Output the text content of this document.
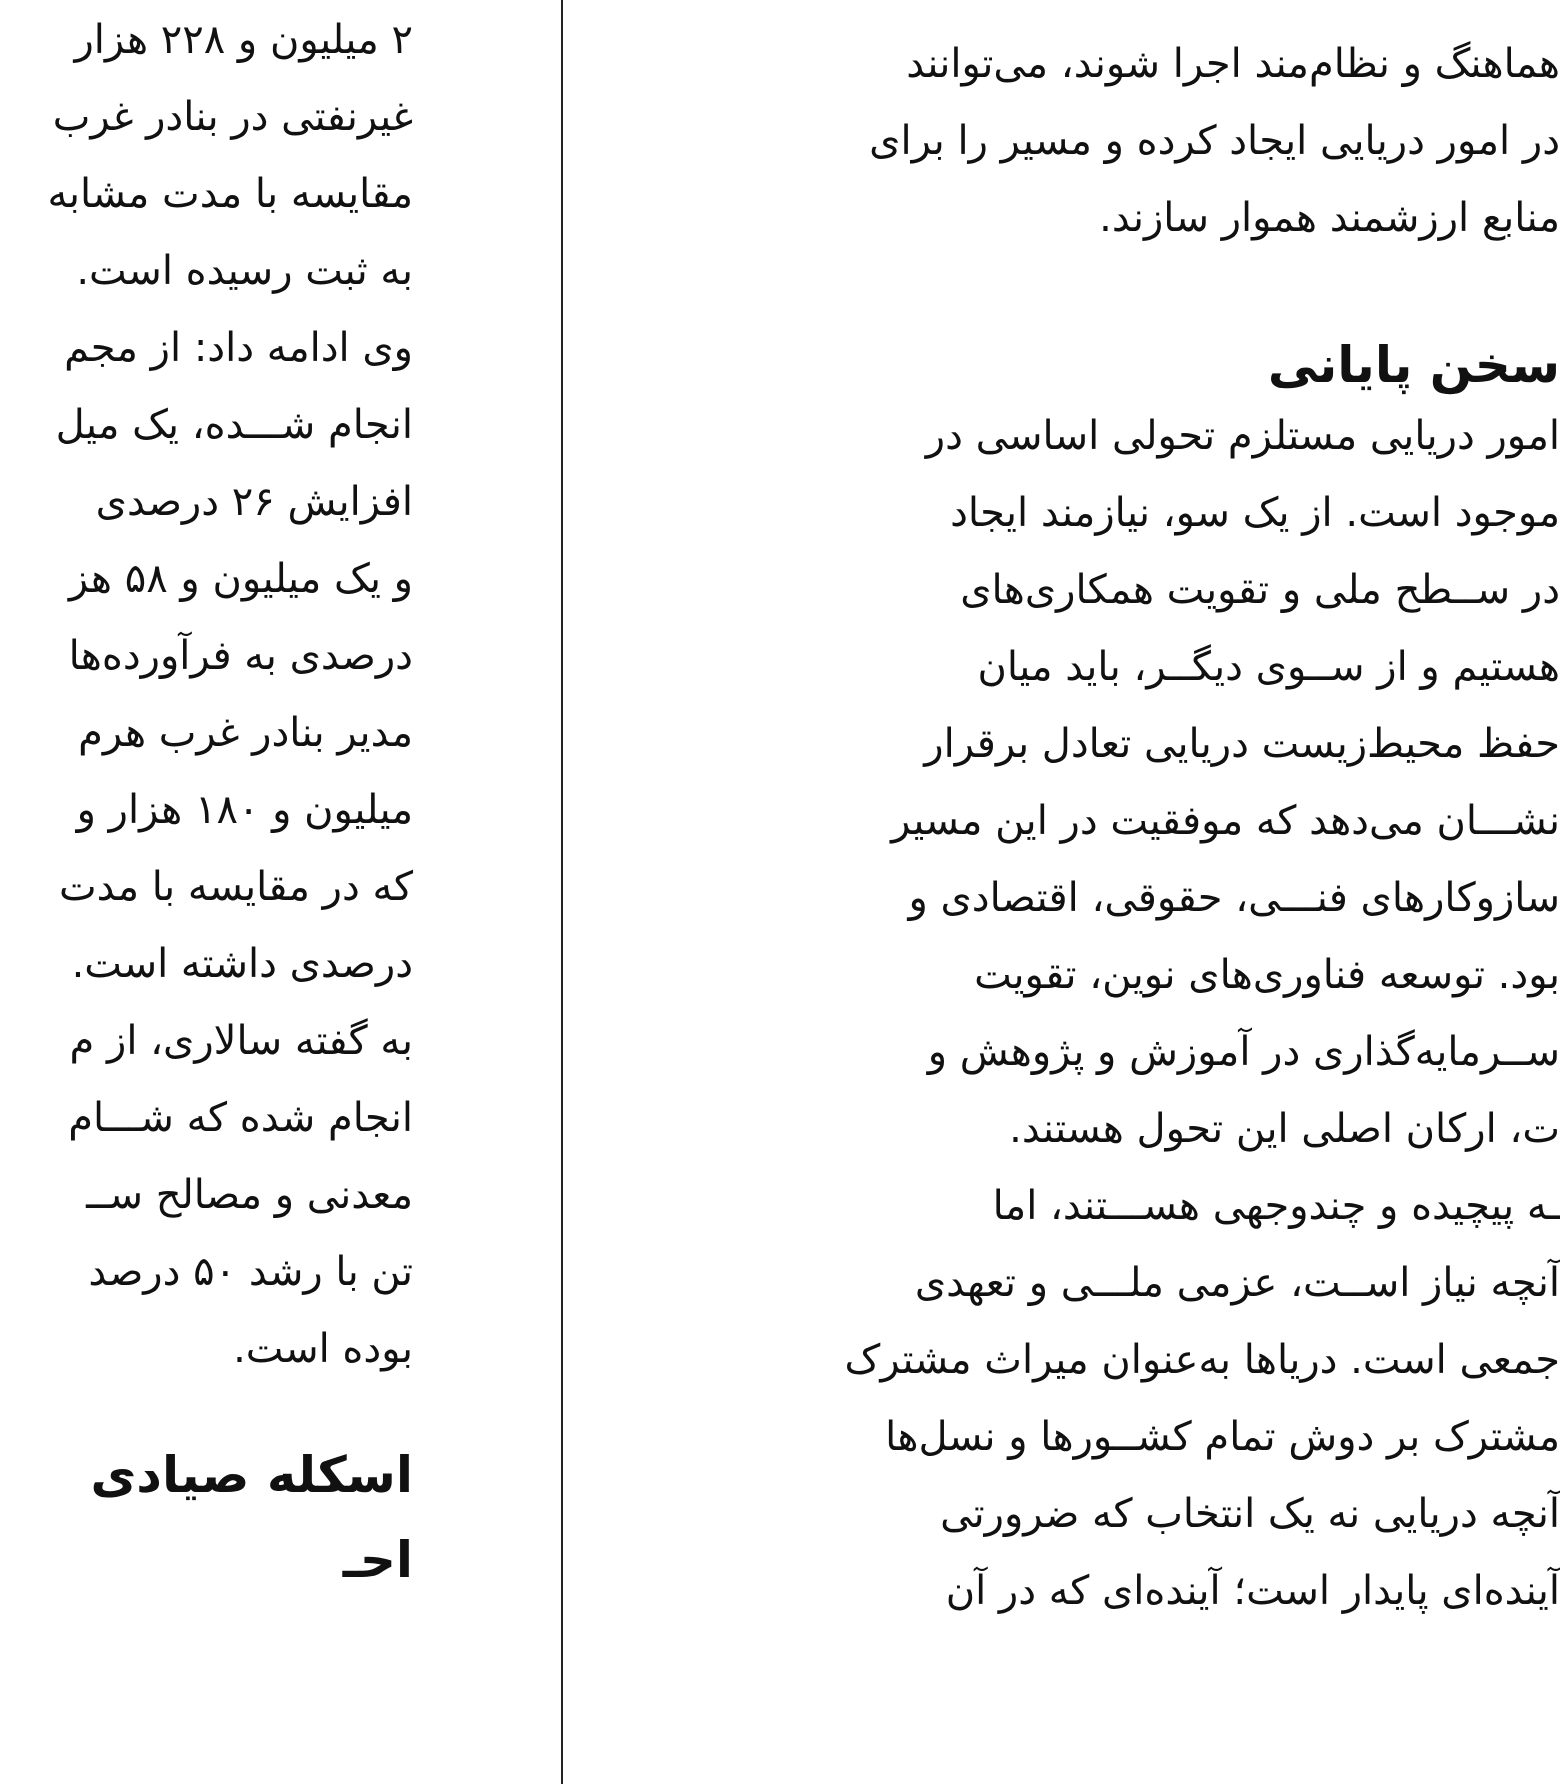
۲ میلیون و ۲۲۸ هزار
غیرنفتی در بنادر غرب
مقایسه با مدت مشابه
به ثبت رسیده است.
وی ادامه داد: از مجم
انجام شـــده، یک میل
افزایش ۲۶ درصدی
و یک میلیون و ۵۸ هز
درصدی به فرآورده‌ها
مدیر بنادر غرب هرم
میلیون و ۱۸۰ هزار و
که در مقایسه با مدت
درصدی داشته است.
به گفته سالاری، از م
انجام شده که شـــام
معدنی و مصالح ســ
تن با رشد ۵۰ درصد
بوده است.
اسکله صیادی
احـ
هماهنگ و نظام‌مند اجرا شوند، می‌توانند
در امور دریایی ایجاد کرده و مسیر را برای
منابع ارزشمند هموار سازند.
سخن پایانی
امور دریایی مستلزم تحولی اساسی در
موجود است. از یک سو، نیازمند ایجاد
در ســطح ملی و تقویت همکاری‌های
هستیم و از ســوی دیگــر، باید میان
حفظ محیط‌زیست دریایی تعادل برقرار
نشـــان می‌دهد که موفقیت در این مسیر
سازوکارهای فنـــی، حقوقی، اقتصادی و
بود. توسعه فناوری‌های نوین، تقویت
ســرمایه‌گذاری در آموزش و پژوهش و
ت، ارکان اصلی این تحول هستند.
ـه پیچیده و چندوجهی هســـتند، اما
آنچه نیاز اســت، عزمی ملـــی و تعهدی
جمعی است. دریاها به‌عنوان میراث مشترک
مشترک بر دوش تمام کشــورها و نسل‌ها
آنچه دریایی نه یک انتخاب که ضرورتی
آینده‌ای پایدار است؛ آینده‌ای که در آن
